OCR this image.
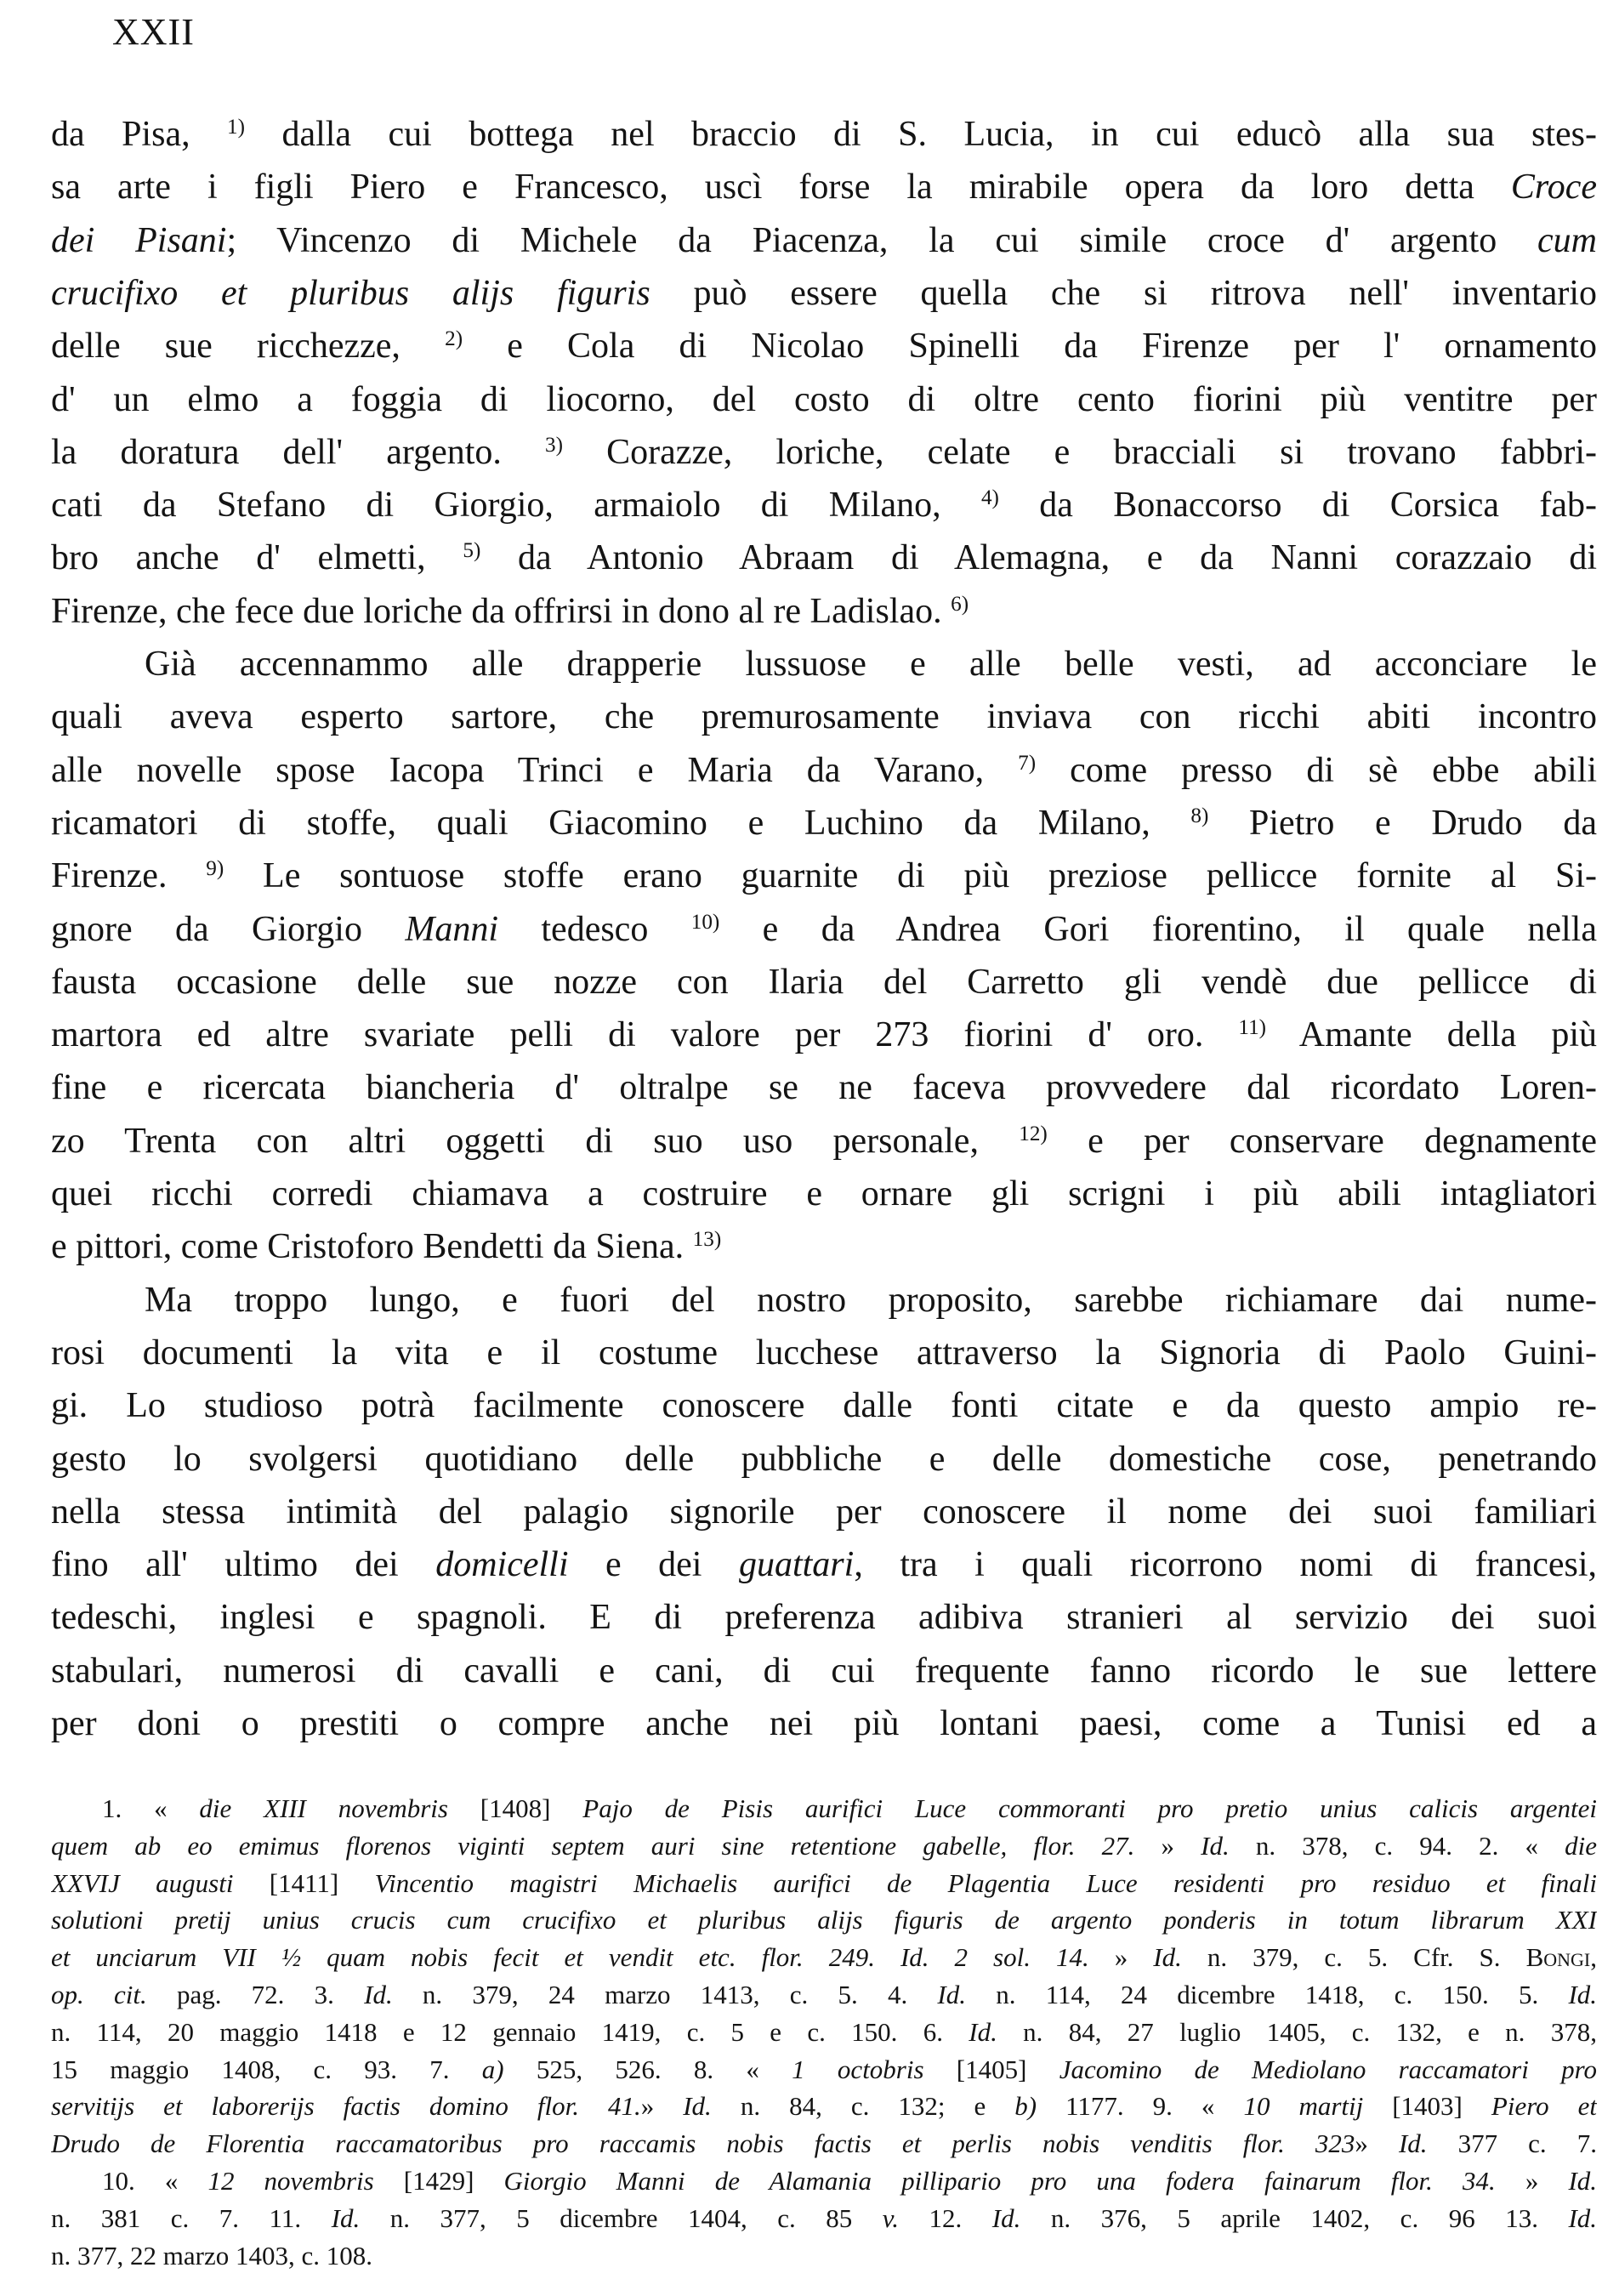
XXII
da Pisa, $^{1)}$ dalla cui bottega nel braccio di S. Lucia, in cui educò alla sua stes-
sa arte i figli Piero e Francesco, uscì forse la mirabile opera da loro detta Croce
dei Pisani; Vincenzo di Michele da Piacenza, la cui simile croce d' argento cum
crucifixo et pluribus alijs figuris può essere quella che si ritrova nell' inventario
delle sue ricchezze, $^{2)}$ e Cola di Nicolao Spinelli da Firenze per l' ornamento
d' un elmo a foggia di liocorno, del costo di oltre cento fiorini più ventitre per
la doratura dell' argento. $^{3)}$ Corazze, loriche, celate e bracciali si trovano fabbri-
cati da Stefano di Giorgio, armaiolo di Milano, $^{4)}$ da Bonaccorso di Corsica fab-
bro anche d' elmetti, $^{5)}$ da Antonio Abraam di Alemagna, e da Nanni corazzaio di
Firenze, che fece due loriche da offrirsi in dono al re Ladislao. $^{6)}$
Già accennammo alle drapperie lussuose e alle belle vesti, ad acconciare le
quali aveva esperto sartore, che premurosamente inviava con ricchi abiti incontro
alle novelle spose Iacopa Trinci e Maria da Varano, $^{7)}$ come presso di sè ebbe abili
ricamatori di stoffe, quali Giacomino e Luchino da Milano, $^{8)}$ Pietro e Drudo da
Firenze. $^{9)}$ Le sontuose stoffe erano guarnite di più preziose pellicce fornite al Si-
gnore da Giorgio Manni tedesco $^{10)}$ e da Andrea Gori fiorentino, il quale nella
fausta occasione delle sue nozze con Ilaria del Carretto gli vendè due pellicce di
martora ed altre svariate pelli di valore per 273 fiorini d' oro. $^{11)}$ Amante della più
fine e ricercata biancheria d' oltralpe se ne faceva provvedere dal ricordato Loren-
zo Trenta con altri oggetti di suo uso personale, $^{12)}$ e per conservare degnamente
quei ricchi corredi chiamava a costruire e ornare gli scrigni i più abili intagliatori
e pittori, come Cristoforo Bendetti da Siena. $^{13)}$
Ma troppo lungo, e fuori del nostro proposito, sarebbe richiamare dai nume-
rosi documenti la vita e il costume lucchese attraverso la Signoria di Paolo Guini-
gi. Lo studioso potrà facilmente conoscere dalle fonti citate e da questo ampio re-
gesto lo svolgersi quotidiano delle pubbliche e delle domestiche cose, penetrando
nella stessa intimità del palagio signorile per conoscere il nome dei suoi familiari
fino all' ultimo dei domicelli e dei guattari, tra i quali ricorrono nomi di francesi,
tedeschi, inglesi e spagnoli. E di preferenza adibiva stranieri al servizio dei suoi
stabulari, numerosi di cavalli e cani, di cui frequente fanno ricordo le sue lettere
per doni o prestiti o compre anche nei più lontani paesi, come a Tunisi ed a
1. « die XIII novembris [1408] Pajo de Pisis aurifici Luce commoranti pro pretio unius calicis argentei
quem ab eo emimus florenos viginti septem auri sine retentione gabelle, flor. 27. » Id. n. 378, c. 94. 2. « die
XXVIJ augusti [1411] Vincentio magistri Michaelis aurifici de Plagentia Luce residenti pro residuo et finali
solutioni pretij unius crucis cum crucifixo et pluribus alijs figuris de argento ponderis in totum librarum XXI
et unciarum VII ½ quam nobis fecit et vendit etc. flor. 249. Id. 2 sol. 14. » Id. n. 379, c. 5. Cfr. S. Bongi,
op. cit. pag. 72. 3. Id. n. 379, 24 marzo 1413, c. 5. 4. Id. n. 114, 24 dicembre 1418, c. 150. 5. Id.
n. 114, 20 maggio 1418 e 12 gennaio 1419, c. 5 e c. 150. 6. Id. n. 84, 27 luglio 1405, c. 132, e n. 378,
15 maggio 1408, c. 93. 7. a) 525, 526. 8. « 1 octobris [1405] Jacomino de Mediolano raccamatori pro
servitijs et laborerijs factis domino flor. 41.» Id. n. 84, c. 132; e b) 1177. 9. « 10 martij [1403] Piero et
Drudo de Florentia raccamatoribus pro raccamis nobis factis et perlis nobis venditis flor. 323» Id. 377 c. 7.
10. « 12 novembris [1429] Giorgio Manni de Alamania pillipario pro una fodera fainarum flor. 34. » Id.
n. 381 c. 7. 11. Id. n. 377, 5 dicembre 1404, c. 85 v. 12. Id. n. 376, 5 aprile 1402, c. 96 13. Id.
n. 377, 22 marzo 1403, c. 108.
